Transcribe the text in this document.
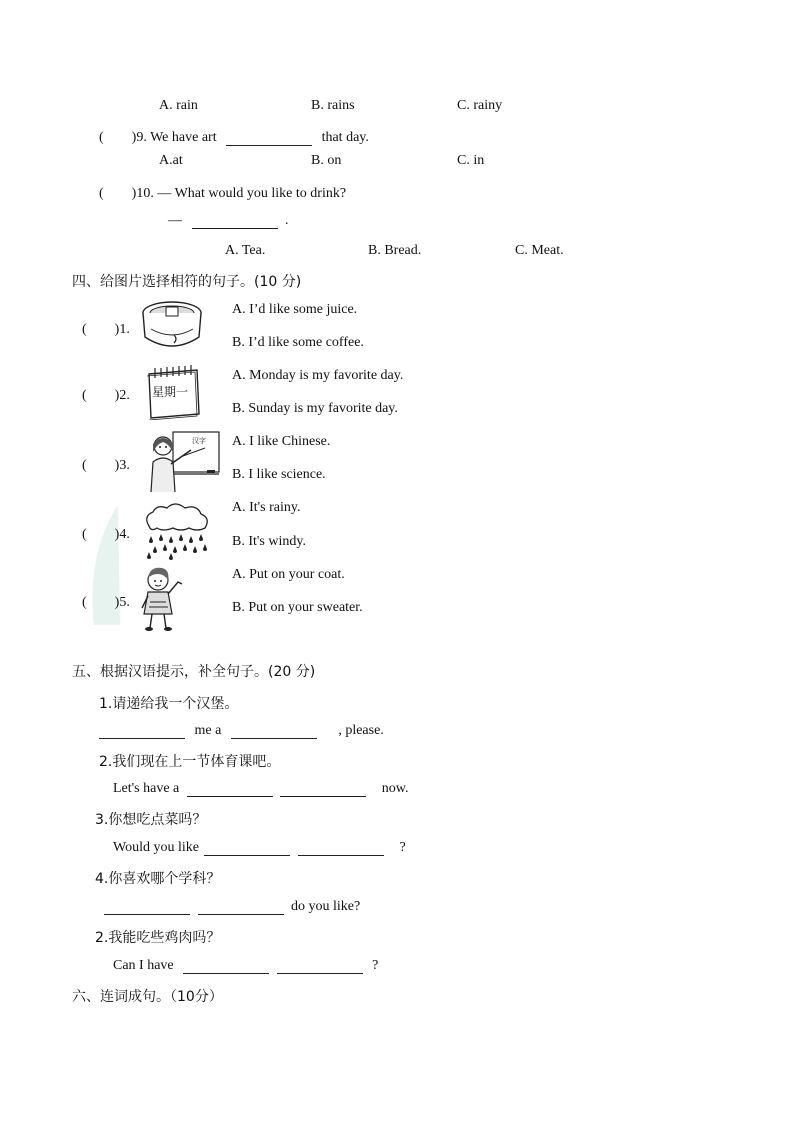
A. rain	B. rains	C. rainy
(　　)9. We have art	that day.
A.at	B. on	C. in
(　　)10. — What would you like to drink?
—	.
A. Tea.	B. Bread.	C. Meat.
四、给图片选择相符的句子。(10 分)
(　　)1.
A. I’d like some juice.
B. I’d like some coffee.
(　　)2. 星期一
A. Monday is my favorite day.
B. Sunday is my favorite day.
(　　)3.
汉字 A. I like Chinese.
B. I like science.
(　　)4.
A. It's rainy.
B. It's windy.
(　　)5.
A. Put on your coat.
B. Put on your sweater.
五、根据汉语提示，补全句子。(20 分)
1.请递给我一个汉堡。
me a	, please.
2.我们现在上一节体育课吧。
Let's have a	now.
3.你想吃点菜吗？
Would you like	?
4.你喜欢哪个学科？
do you like?
2.我能吃些鸡肉吗？
Can I have	?
六、连词成句。（10分）
